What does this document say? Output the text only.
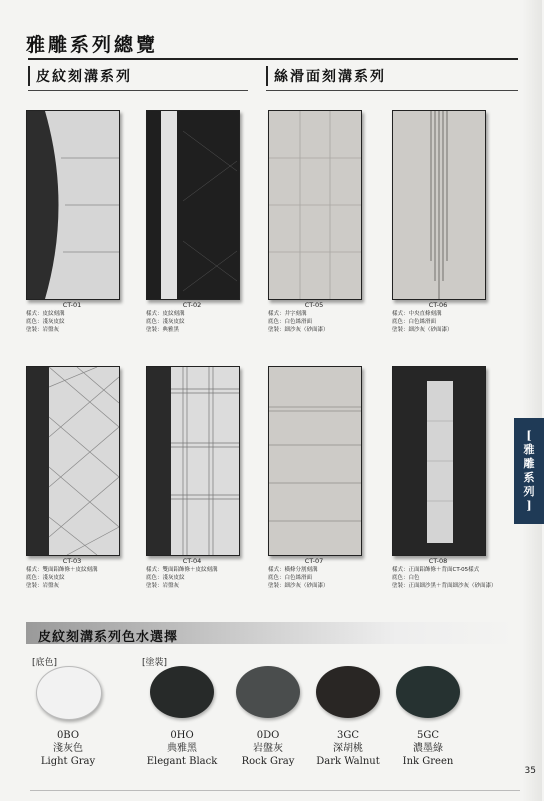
雅雕系列總覽
皮紋刻溝系列	絲滑面刻溝系列
CT-01
樣式：皮紋刻溝
底色：淺灰皮紋
塗裝：岩盤灰
CT-02
樣式：皮紋刻溝
底色：淺灰皮紋
塗裝：典雅黑
CT-05
樣式：井字刻溝
底色：白色絲滑面
塗裝：細沙灰（砂面漆）
CT-06
樣式：中央直條刻溝
底色：白色絲滑面
塗裝：細沙灰（砂面漆）
CT-03
樣式：雙面鋁飾條＋皮紋刻溝
底色：淺灰皮紋
塗裝：岩盤灰
CT-04
樣式：雙面鋁飾條＋皮紋刻溝
底色：淺灰皮紋
塗裝：岩盤灰
CT-07
樣式：橫條分割刻溝
底色：白色絲滑面
塗裝：細沙灰（砂面漆）
CT-08
樣式：正面鋁飾條＋背面CT-05樣式
底色：白色
塗裝：正面細沙黑＋背面細沙灰（砂面漆）
[
雅
雕
系
列
]
皮紋刻溝系列色水選擇
[底色]	[塗裝]
0BO
淺灰色
Light Gray
0HO
典雅黑
Elegant Black
0DO
岩盤灰
Rock Gray
3GC
深胡桃
Dark Walnut
5GC
濃墨綠
Ink Green
35
